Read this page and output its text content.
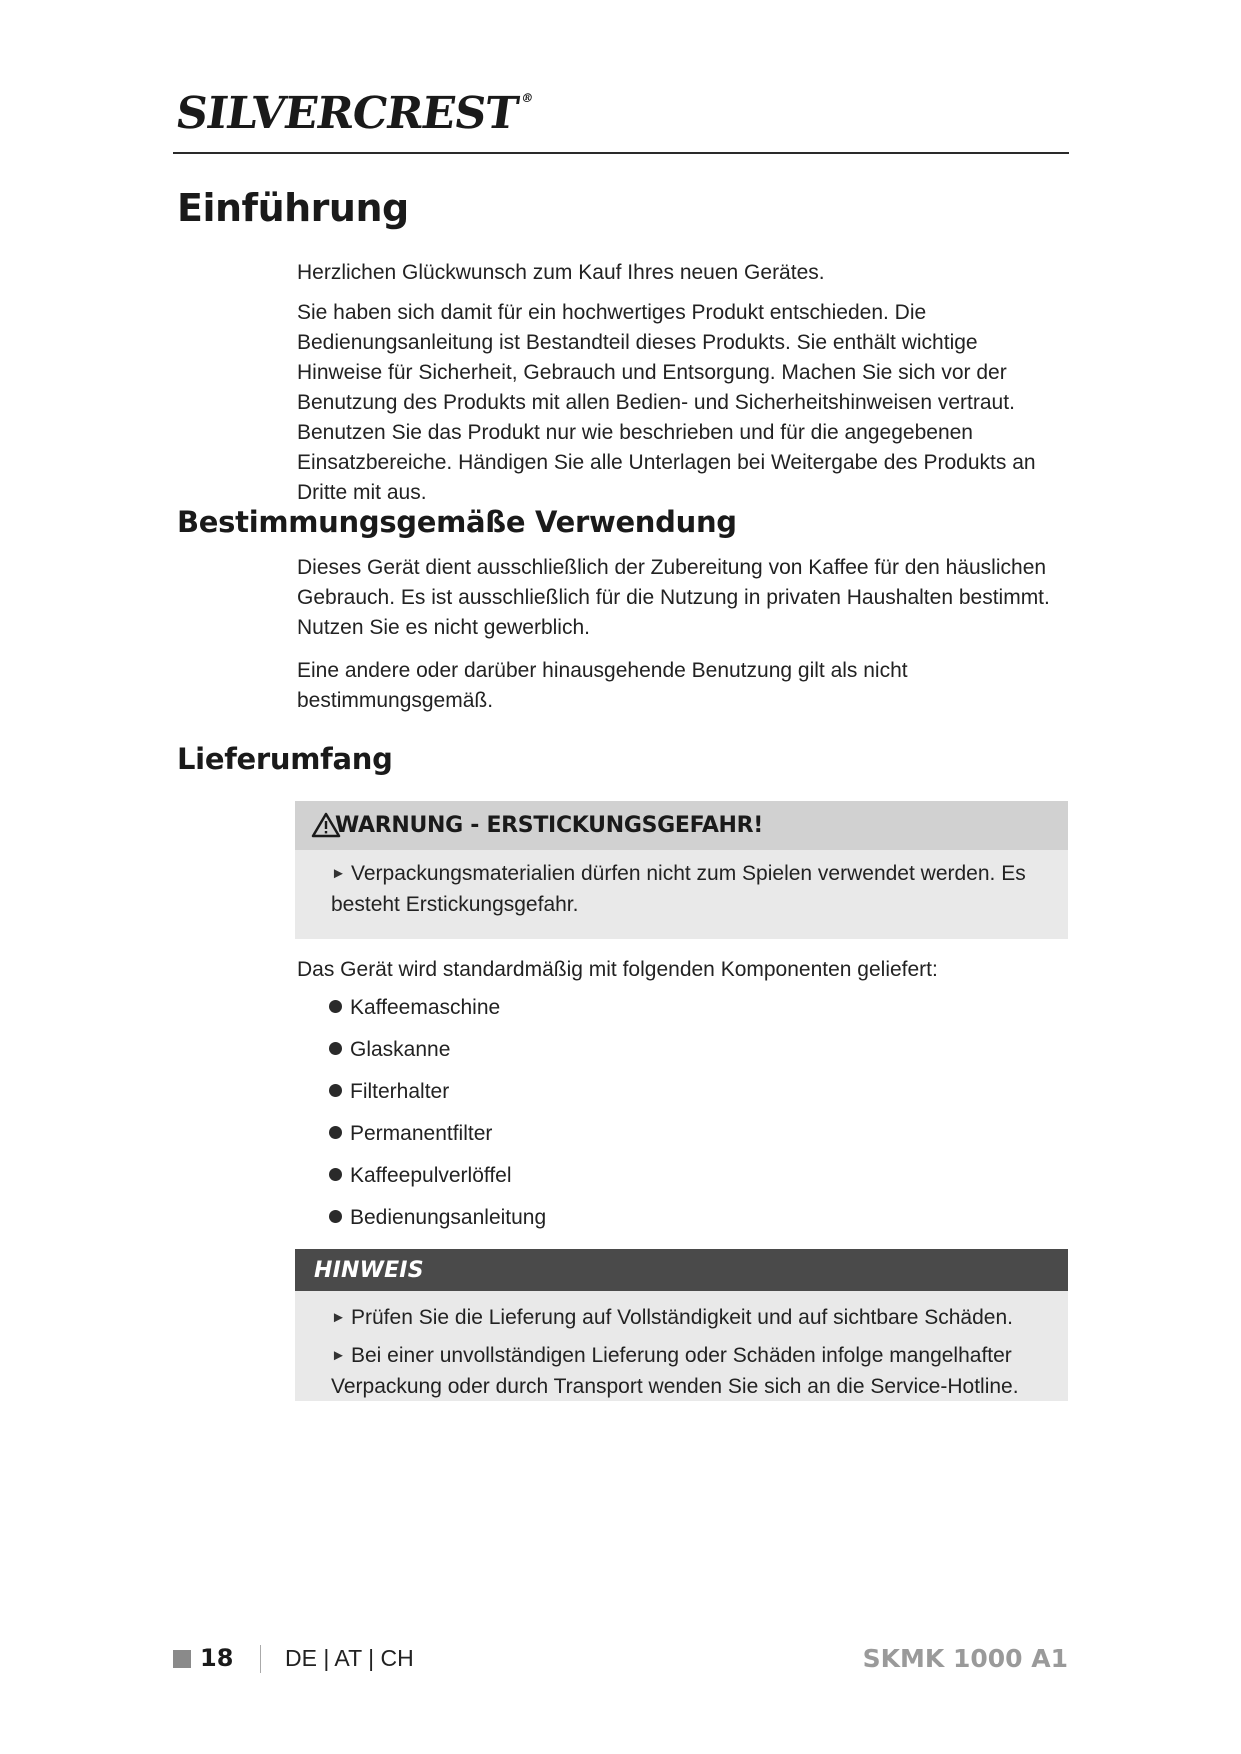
SILVERCREST®
Einführung

Herzlichen Glückwunsch zum Kauf Ihres neuen Gerätes.

Sie haben sich damit für ein hochwertiges Produkt entschieden. Die Bedienungsanleitung ist Bestandteil dieses Produkts. Sie enthält wichtige Hinweise für Sicherheit, Gebrauch und Entsorgung. Machen Sie sich vor der Benutzung des Produkts mit allen Bedien- und Sicherheitshinweisen vertraut. Benutzen Sie das Produkt nur wie beschrieben und für die angegebenen Einsatzbereiche. Händigen Sie alle Unterlagen bei Weitergabe des Produkts an Dritte mit aus.

Bestimmungsgemäße Verwendung

Dieses Gerät dient ausschließlich der Zubereitung von Kaffee für den häuslichen Gebrauch. Es ist ausschließlich für die Nutzung in privaten Haushalten bestimmt. Nutzen Sie es nicht gewerblich.

Eine andere oder darüber hinausgehende Benutzung gilt als nicht bestimmungsgemäß.

Lieferumfang
WARNUNG - ERSTICKUNGSGEFAHR!
► Verpackungsmaterialien dürfen nicht zum Spielen verwendet werden. Es besteht Erstickungsgefahr.

Das Gerät wird standardmäßig mit folgenden Komponenten geliefert:

Kaffeemaschine
Glaskanne
Filterhalter
Permanentfilter
Kaffeepulverlöffel
Bedienungsanleitung
HINWEIS
► Prüfen Sie die Lieferung auf Vollständigkeit und auf sichtbare Schäden.
► Bei einer unvollständigen Lieferung oder Schäden infolge mangelhafter Verpackung oder durch Transport wenden Sie sich an die Service-Hotline.
18 DE | AT | CH	SKMK 1000 A1
